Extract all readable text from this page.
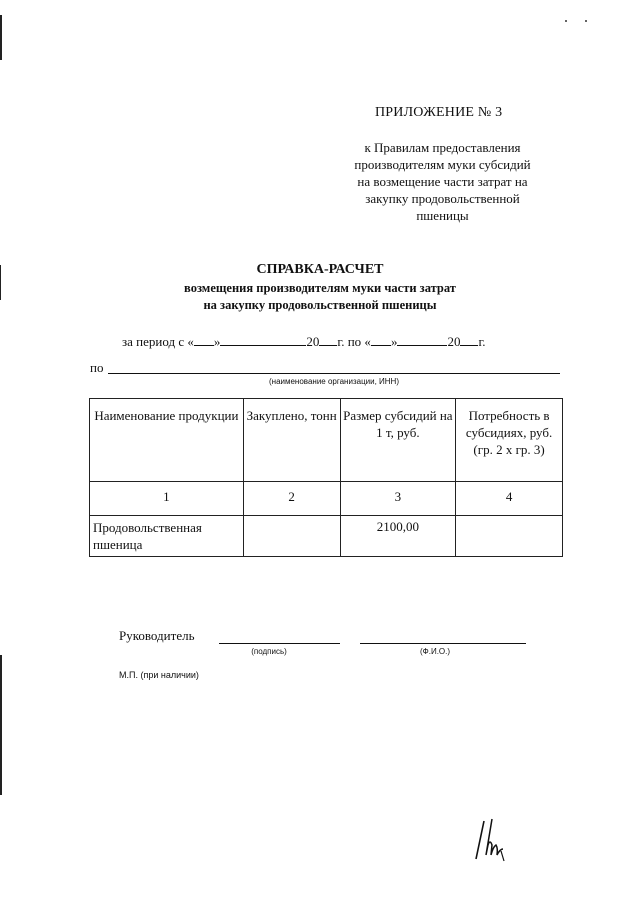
ПРИЛОЖЕНИЕ № 3
к Правилам предоставления
производителям муки субсидий
на возмещение части затрат на
закупку продовольственной
пшеницы
СПРАВКА-РАСЧЕТ
возмещения производителям муки части затрат
на закупку продовольственной пшеницы
за период с « »	20 г. по « »	20 г.
по
(наименование организации, ИНН)
Наименование продукции	Закуплено, тонн	Размер субсидий на 1 т, руб.	Потребность в субсидиях, руб. (гр. 2 х гр. 3)
1	2	3	4
Продовольственная пшеница		2100,00	
Руководитель
(подпись)	(Ф.И.О.)
М.П. (при наличии)
